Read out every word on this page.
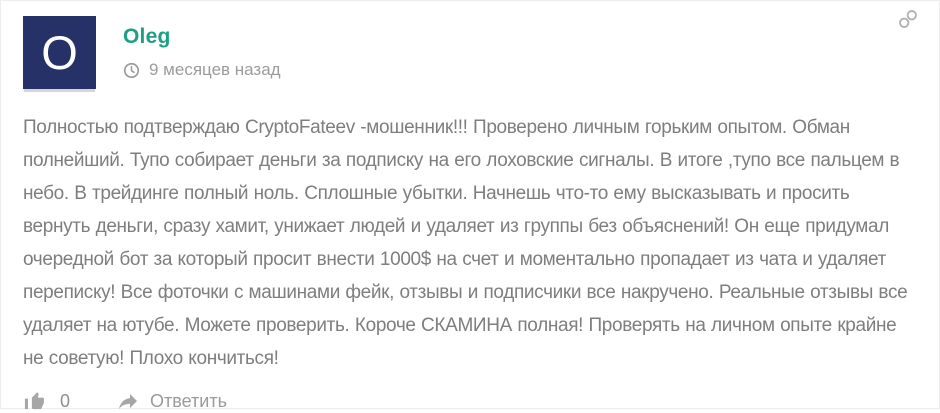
O	Oleg
9 месяцев назад
Полностью подтверждаю CryptoFateev -мошенник!!! Проверено личным горьким опытом. Обман полнейший. Тупо собирает деньги за подписку на его лоховские сигналы. В итоге ,тупо все пальцем в небо. В трейдинге полный ноль. Сплошные убытки. Начнешь что-то ему высказывать и просить вернуть деньги, сразу хамит, унижает людей и удаляет из группы без объяснений! Он еще придумал очередной бот за который просит внести 1000$ на счет и моментально пропадает из чата и удаляет переписку! Все фоточки с машинами фейк, отзывы и подписчики все накручено. Реальные отзывы все удаляет на ютубе. Можете проверить. Короче СКАМИНА полная! Проверять на личном опыте крайне не советую! Плохо кончиться!
0	Ответить
